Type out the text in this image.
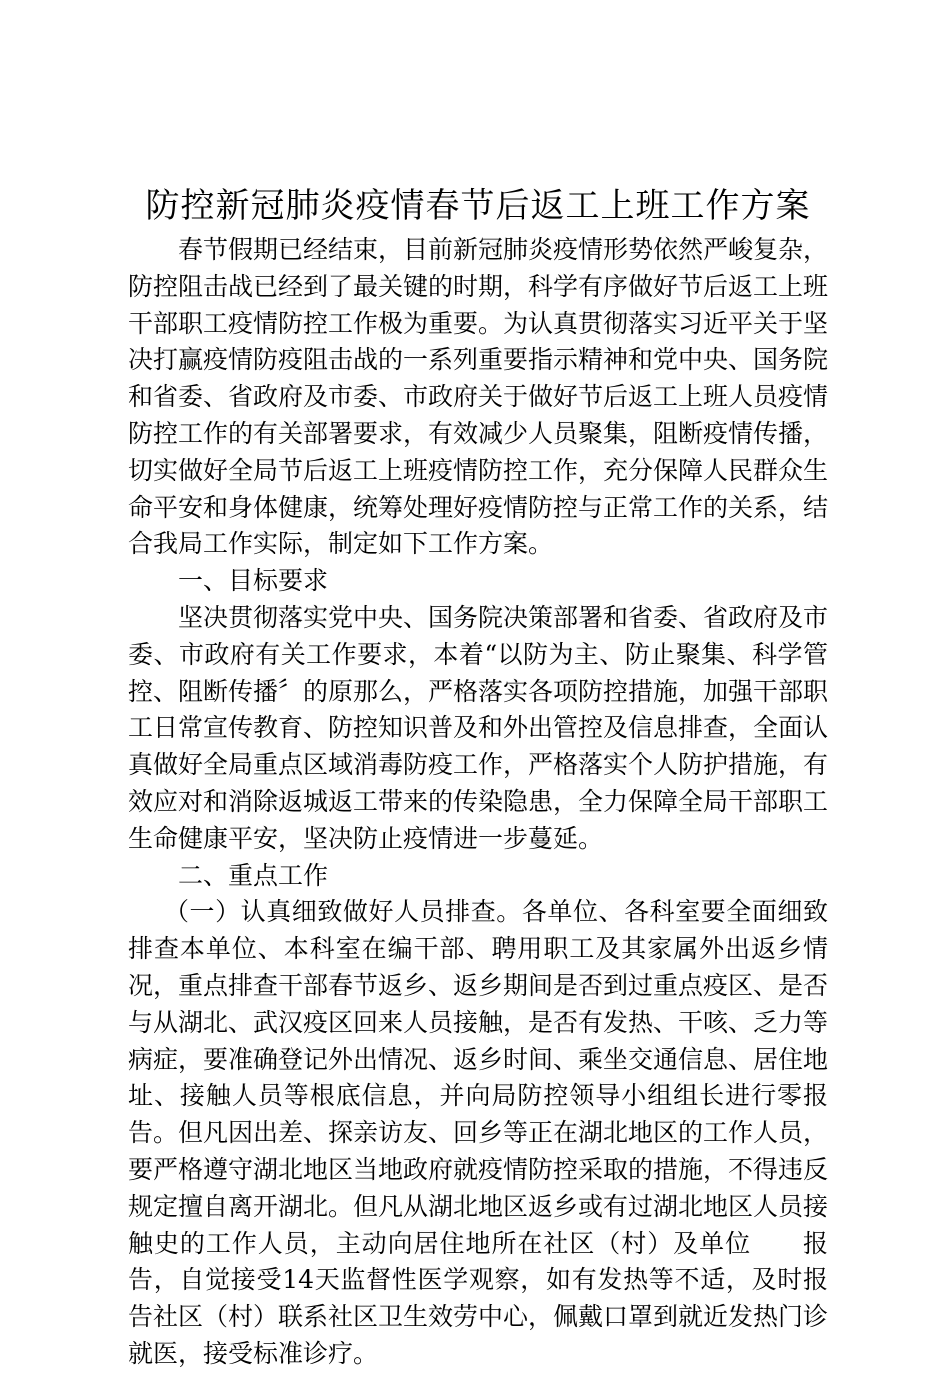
防控新冠肺炎疫情春节后返工上班工作方案

春节假期已经结束，目前新冠肺炎疫情形势依然严峻复杂，防控阻击战已经到了最关键的时期，科学有序做好节后返工上班干部职工疫情防控工作极为重要。为认真贯彻落实习近平关于坚决打赢疫情防疫阻击战的一系列重要指示精神和党中央、国务院和省委、省政府及市委、市政府关于做好节后返工上班人员疫情防控工作的有关部署要求，有效减少人员聚集，阻断疫情传播，切实做好全局节后返工上班疫情防控工作，充分保障人民群众生命平安和身体健康，统筹处理好疫情防控与正常工作的关系，结合我局工作实际，制定如下工作方案。

一、目标要求

坚决贯彻落实党中央、国务院决策部署和省委、省政府及市委、市政府有关工作要求，本着“以防为主、防止聚集、科学管控、阻断传播〞的原那么，严格落实各项防控措施，加强干部职工日常宣传教育、防控知识普及和外出管控及信息排查，全面认真做好全局重点区域消毒防疫工作，严格落实个人防护措施，有效应对和消除返城返工带来的传染隐患，全力保障全局干部职工生命健康平安，坚决防止疫情进一步蔓延。

二、重点工作

（一）认真细致做好人员排查。各单位、各科室要全面细致排查本单位、本科室在编干部、聘用职工及其家属外出返乡情况，重点排查干部春节返乡、返乡期间是否到过重点疫区、是否与从湖北、武汉疫区回来人员接触，是否有发热、干咳、乏力等病症，要准确登记外出情况、返乡时间、乘坐交通信息、居住地址、接触人员等根底信息，并向局防控领导小组组长进行零报告。但凡因出差、探亲访友、回乡等正在湖北地区的工作人员，要严格遵守湖北地区当地政府就疫情防控采取的措施，不得违反规定擅自离开湖北。但凡从湖北地区返乡或有过湖北地区人员接触史的工作人员，主动向居住地所在社区（村）及单位　　报告，自觉接受14天监督性医学观察，如有发热等不适，及时报告社区（村）联系社区卫生效劳中心，佩戴口罩到就近发热门诊就医，接受标准诊疗。
